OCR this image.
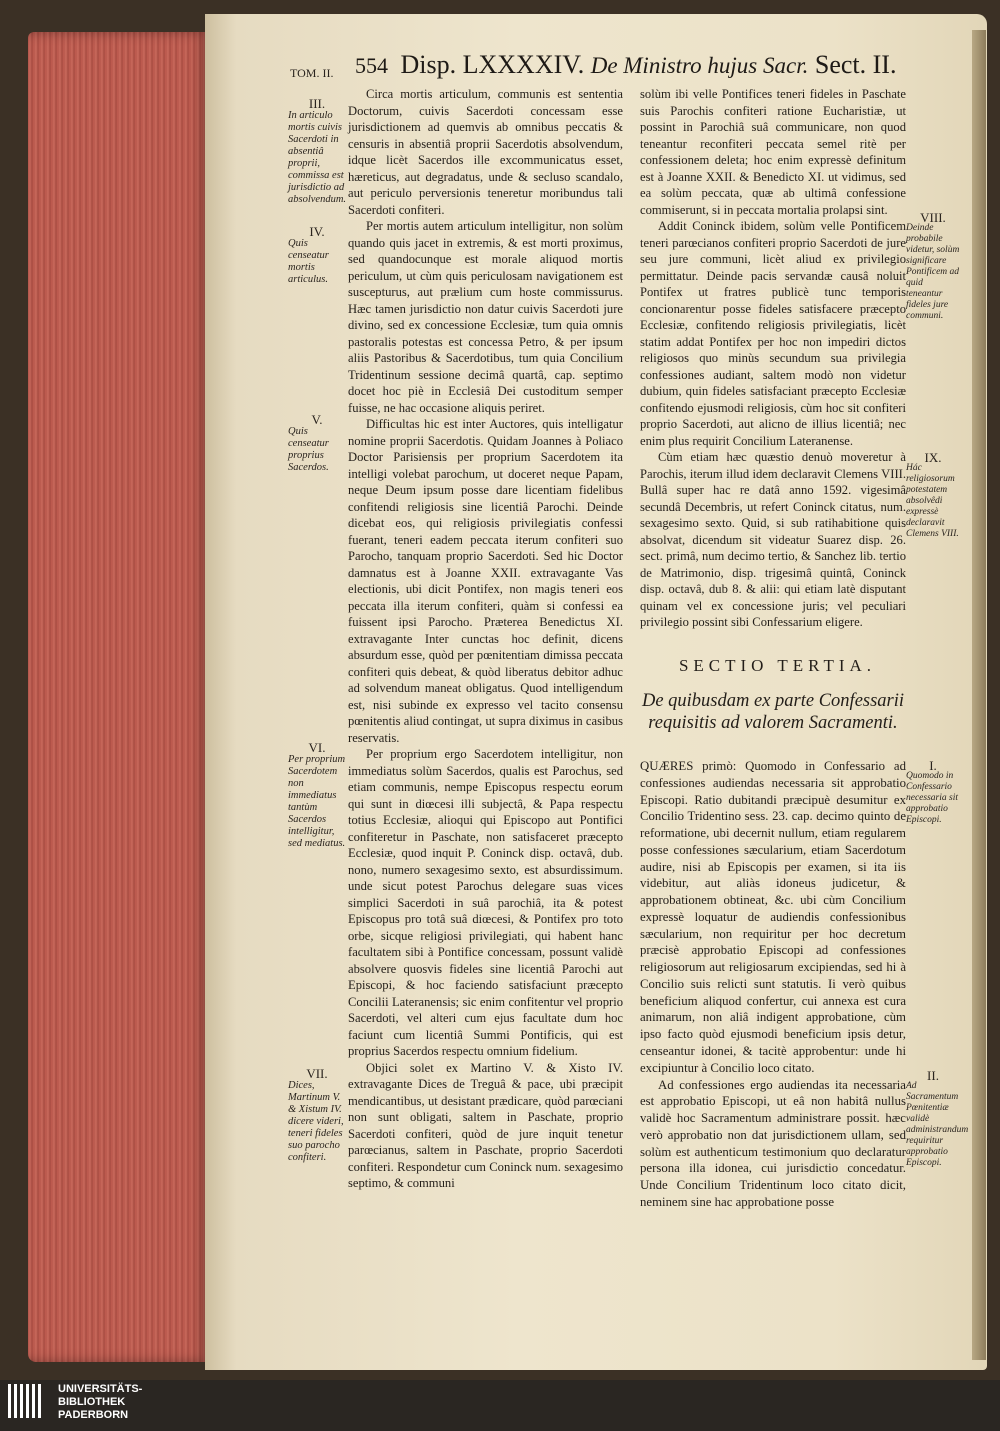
TOM. II. 554 Disp. LXXXXIV. De Ministro hujus Sacr. Sect. II.
III.
In articulo mortis cuivis Sacerdoti in absentiâ proprii, commissa est jurisdictio ad absolvendum.
IV.
Quis censeatur mortis articulus.
V.
Quis censeatur proprius Sacerdos.
VI.
Per proprium Sacerdotem non immediatus tantùm Sacerdos intelligitur, sed mediatus.
VII.
Dices, Martinum V. & Xistum IV. dicere videri, teneri fideles suo parocho confiteri.
VIII.
Deinde probabile videtur, solùm significare Pontificem ad quid teneantur fideles jure communi.
IX.
Hác religiosorum potestatem absolvêdi expressè declaravit Clemens VIII.
I.
Quomodo in Confessario necessaria sit approbatio Episcopi.
II.
Ad Sacramentum Pœnitentiæ validè administrandum requiritur approbatio Episcopi.

Circa mortis articulum, communis est sententia Doctorum, cuivis Sacerdoti concessam esse jurisdictionem ad quemvis ab omnibus peccatis & censuris in absentiâ proprii Sacerdotis absolvendum, idque licèt Sacerdos ille excommunicatus esset, hæreticus, aut degradatus, unde & secluso scandalo, aut periculo perversionis teneretur moribundus tali Sacerdoti confiteri.

Per mortis autem articulum intelligitur, non solùm quando quis jacet in extremis, & est morti proximus, sed quandocunque est morale aliquod mortis periculum, ut cùm quis periculosam navigationem est suscepturus, aut prælium cum hoste commissurus. Hæc tamen jurisdictio non datur cuivis Sacerdoti jure divino, sed ex concessione Ecclesiæ, tum quia omnis pastoralis potestas est concessa Petro, & per ipsum aliis Pastoribus & Sacerdotibus, tum quia Concilium Tridentinum sessione decimâ quartâ, cap. septimo docet hoc piè in Ecclesiâ Dei custoditum semper fuisse, ne hac occasione aliquis periret.

Difficultas hic est inter Auctores, quis intelligatur nomine proprii Sacerdotis. Quidam Joannes à Poliaco Doctor Parisiensis per proprium Sacerdotem ita intelligi volebat parochum, ut doceret neque Papam, neque Deum ipsum posse dare licentiam fidelibus confitendi religiosis sine licentiâ Parochi. Deinde dicebat eos, qui religiosis privilegiatis confessi fuerant, teneri eadem peccata iterum confiteri suo Parocho, tanquam proprio Sacerdoti. Sed hic Doctor damnatus est à Joanne XXII. extravagante Vas electionis, ubi dicit Pontifex, non magis teneri eos peccata illa iterum confiteri, quàm si confessi ea fuissent ipsi Parocho. Præterea Benedictus XI. extravagante Inter cunctas hoc definit, dicens absurdum esse, quòd per pœnitentiam dimissa peccata confiteri quis debeat, & quòd liberatus debitor adhuc ad solvendum maneat obligatus. Quod intelligendum est, nisi subinde ex expresso vel tacito consensu pœnitentis aliud contingat, ut supra diximus in casibus reservatis.

Per proprium ergo Sacerdotem intelligitur, non immediatus solùm Sacerdos, qualis est Parochus, sed etiam communis, nempe Episcopus respectu eorum qui sunt in diœcesi illi subjectâ, & Papa respectu totius Ecclesiæ, alioqui qui Episcopo aut Pontifici confiteretur in Paschate, non satisfaceret præcepto Ecclesiæ, quod inquit P. Coninck disp. octavâ, dub. nono, numero sexagesimo sexto, est absurdissimum. unde sicut potest Parochus delegare suas vices simplici Sacerdoti in suâ parochiâ, ita & potest Episcopus pro totâ suâ diœcesi, & Pontifex pro toto orbe, sicque religiosi privilegiati, qui habent hanc facultatem sibi à Pontifice concessam, possunt validè absolvere quosvis fideles sine licentiâ Parochi aut Episcopi, & hoc faciendo satisfaciunt præcepto Concilii Lateranensis; sic enim confitentur vel proprio Sacerdoti, vel alteri cum ejus facultate dum hoc faciunt cum licentiâ Summi Pontificis, qui est proprius Sacerdos respectu omnium fidelium.

Objici solet ex Martino V. & Xisto IV. extravagante Dices de Treguâ & pace, ubi præcipit mendicantibus, ut desistant prædicare, quòd parœciani non sunt obligati, saltem in Paschate, proprio Sacerdoti confiteri, quòd de jure inquit tenetur parœcianus, saltem in Paschate, proprio Sacerdoti confiteri. Respondetur cum Coninck num. sexagesimo septimo, & communi

solùm ibi velle Pontifices teneri fideles in Paschate suis Parochis confiteri ratione Eucharistiæ, ut possint in Parochiâ suâ communicare, non quod teneantur reconfiteri peccata semel ritè per confessionem deleta; hoc enim expressè definitum est à Joanne XXII. & Benedicto XI. ut vidimus, sed ea solùm peccata, quæ ab ultimâ confessione commiserunt, si in peccata mortalia prolapsi sint.

Addit Coninck ibidem, solùm velle Pontificem teneri parœcianos confiteri proprio Sacerdoti de jure seu jure communi, licèt aliud ex privilegio permittatur. Deinde pacis servandæ causâ noluit Pontifex ut fratres publicè tunc temporis concionarentur posse fideles satisfacere præcepto Ecclesiæ, confitendo religiosis privilegiatis, licèt statim addat Pontifex per hoc non impediri dictos religiosos quo minùs secundum sua privilegia confessiones audiant, saltem modò non videtur dubium, quin fideles satisfaciant præcepto Ecclesiæ confitendo ejusmodi religiosis, cùm hoc sit confiteri proprio Sacerdoti, aut alicno de illius licentiâ; nec enim plus requirit Concilium Lateranense.

Cùm etiam hæc quæstio denuò moveretur à Parochis, iterum illud idem declaravit Clemens VIII. Bullâ super hac re datâ anno 1592. vigesimâ secundâ Decembris, ut refert Coninck citatus, num. sexagesimo sexto. Quid, si sub ratihabitione quis absolvat, dicendum sit videatur Suarez disp. 26. sect. primâ, num decimo tertio, & Sanchez lib. tertio de Matrimonio, disp. trigesimâ quintâ, Coninck disp. octavâ, dub 8. & alii: qui etiam latè disputant quinam vel ex concessione juris; vel peculiari privilegio possint sibi Confessarium eligere.

SECTIO TERTIA.
De quibusdam ex parte Confessarii requisitis ad valorem Sacramenti.

QUÆRES primò: Quomodo in Confessario ad confessiones audiendas necessaria sit approbatio Episcopi. Ratio dubitandi præcipuè desumitur ex Concilio Tridentino sess. 23. cap. decimo quinto de reformatione, ubi decernit nullum, etiam regularem posse confessiones sæcularium, etiam Sacerdotum audire, nisi ab Episcopis per examen, si ita iis videbitur, aut aliàs idoneus judicetur, & approbationem obtineat, &c. ubi cùm Concilium expressè loquatur de audiendis confessionibus sæcularium, non requiritur per hoc decretum præcisè approbatio Episcopi ad confessiones religiosorum aut religiosarum excipiendas, sed hi à Concilio suis relicti sunt statutis. Ii verò quibus beneficium aliquod confertur, cui annexa est cura animarum, non aliâ indigent approbatione, cùm ipso facto quòd ejusmodi beneficium ipsis detur, censeantur idonei, & tacitè approbentur: unde hi excipiuntur à Concilio loco citato.

Ad confessiones ergo audiendas ita necessaria est approbatio Episcopi, ut eâ non habitâ nullus validè hoc Sacramentum administrare possit. hæc verò approbatio non dat jurisdictionem ullam, sed solùm est authenticum testimonium quo declaratur persona illa idonea, cui jurisdictio concedatur. Unde Concilium Tridentinum loco citato dicit, neminem sine hac approbatione posse

UNIVERSITÄTS-
BIBLIOTHEK
PADERBORN
